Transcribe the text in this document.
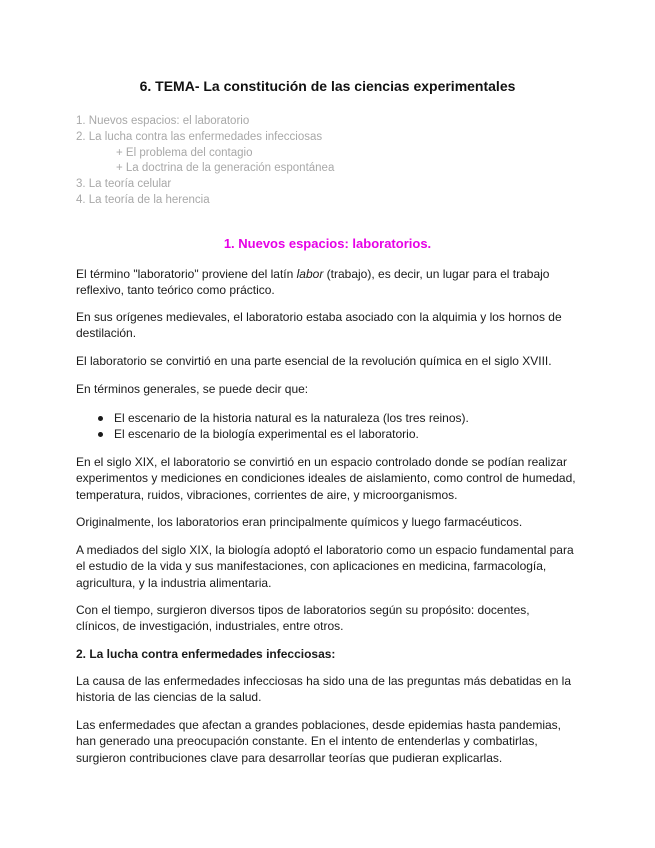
6. TEMA- La constitución de las ciencias experimentales
1. Nuevos espacios: el laboratorio
2. La lucha contra las enfermedades infecciosas
+ El problema del contagio
+ La doctrina de la generación espontánea
3. La teoría celular
4. La teoría de la herencia
1. Nuevos espacios: laboratorios.

El término "laboratorio" proviene del latín labor (trabajo), es decir, un lugar para el trabajo reflexivo, tanto teórico como práctico.

En sus orígenes medievales, el laboratorio estaba asociado con la alquimia y los hornos de destilación.

El laboratorio se convirtió en una parte esencial de la revolución química en el siglo XVIII.

En términos generales, se puede decir que:

El escenario de la historia natural es la naturaleza (los tres reinos).
El escenario de la biología experimental es el laboratorio.

En el siglo XIX, el laboratorio se convirtió en un espacio controlado donde se podían realizar experimentos y mediciones en condiciones ideales de aislamiento, como control de humedad, temperatura, ruidos, vibraciones, corrientes de aire, y microorganismos.

Originalmente, los laboratorios eran principalmente químicos y luego farmacéuticos.

A mediados del siglo XIX, la biología adoptó el laboratorio como un espacio fundamental para el estudio de la vida y sus manifestaciones, con aplicaciones en medicina, farmacología, agricultura, y la industria alimentaria.

Con el tiempo, surgieron diversos tipos de laboratorios según su propósito: docentes, clínicos, de investigación, industriales, entre otros.

2. La lucha contra enfermedades infecciosas:

La causa de las enfermedades infecciosas ha sido una de las preguntas más debatidas en la historia de las ciencias de la salud.

Las enfermedades que afectan a grandes poblaciones, desde epidemias hasta pandemias, han generado una preocupación constante. En el intento de entenderlas y combatirlas, surgieron contribuciones clave para desarrollar teorías que pudieran explicarlas.
